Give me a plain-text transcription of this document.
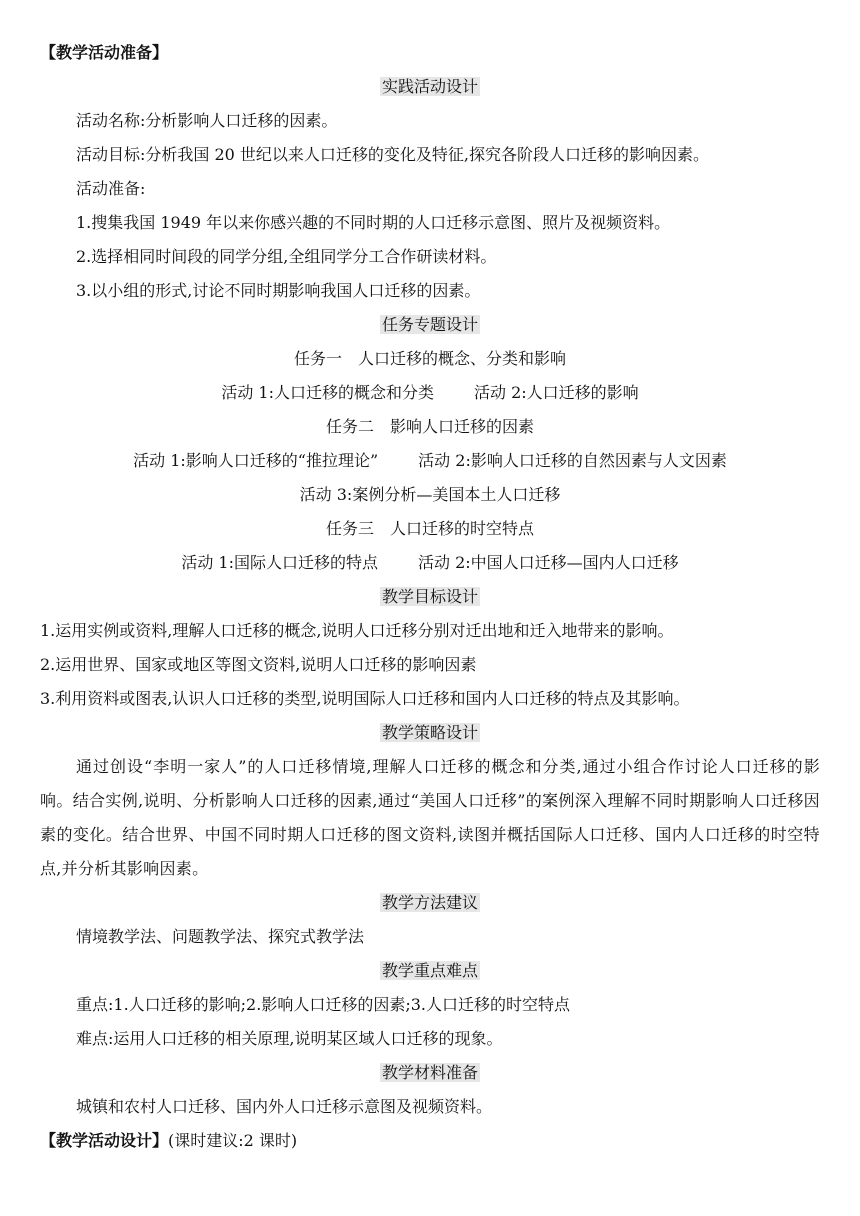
【教学活动准备】
实践活动设计
活动名称:分析影响人口迁移的因素。
活动目标:分析我国 20 世纪以来人口迁移的变化及特征,探究各阶段人口迁移的影响因素。
活动准备:
1.搜集我国 1949 年以来你感兴趣的不同时期的人口迁移示意图、照片及视频资料。
2.选择相同时间段的同学分组,全组同学分工合作研读材料。
3.以小组的形式,讨论不同时期影响我国人口迁移的因素。
任务专题设计
任务一　人口迁移的概念、分类和影响
活动 1:人口迁移的概念和分类	活动 2:人口迁移的影响
任务二　影响人口迁移的因素
活动 1:影响人口迁移的“推拉理论”	活动 2:影响人口迁移的自然因素与人文因素
活动 3:案例分析—美国本土人口迁移
任务三　人口迁移的时空特点
活动 1:国际人口迁移的特点	活动 2:中国人口迁移—国内人口迁移
教学目标设计
1.运用实例或资料,理解人口迁移的概念,说明人口迁移分别对迁出地和迁入地带来的影响。
2.运用世界、国家或地区等图文资料,说明人口迁移的影响因素
3.利用资料或图表,认识人口迁移的类型,说明国际人口迁移和国内人口迁移的特点及其影响。
教学策略设计
通过创设“李明一家人”的人口迁移情境,理解人口迁移的概念和分类,通过小组合作讨论人口迁移的影响。结合实例,说明、分析影响人口迁移的因素,通过“美国人口迁移”的案例深入理解不同时期影响人口迁移因素的变化。结合世界、中国不同时期人口迁移的图文资料,读图并概括国际人口迁移、国内人口迁移的时空特点,并分析其影响因素。
教学方法建议
情境教学法、问题教学法、探究式教学法
教学重点难点
重点:1.人口迁移的影响;2.影响人口迁移的因素;3.人口迁移的时空特点
难点:运用人口迁移的相关原理,说明某区域人口迁移的现象。
教学材料准备
城镇和农村人口迁移、国内外人口迁移示意图及视频资料。
【教学活动设计】(课时建议:2 课时)
